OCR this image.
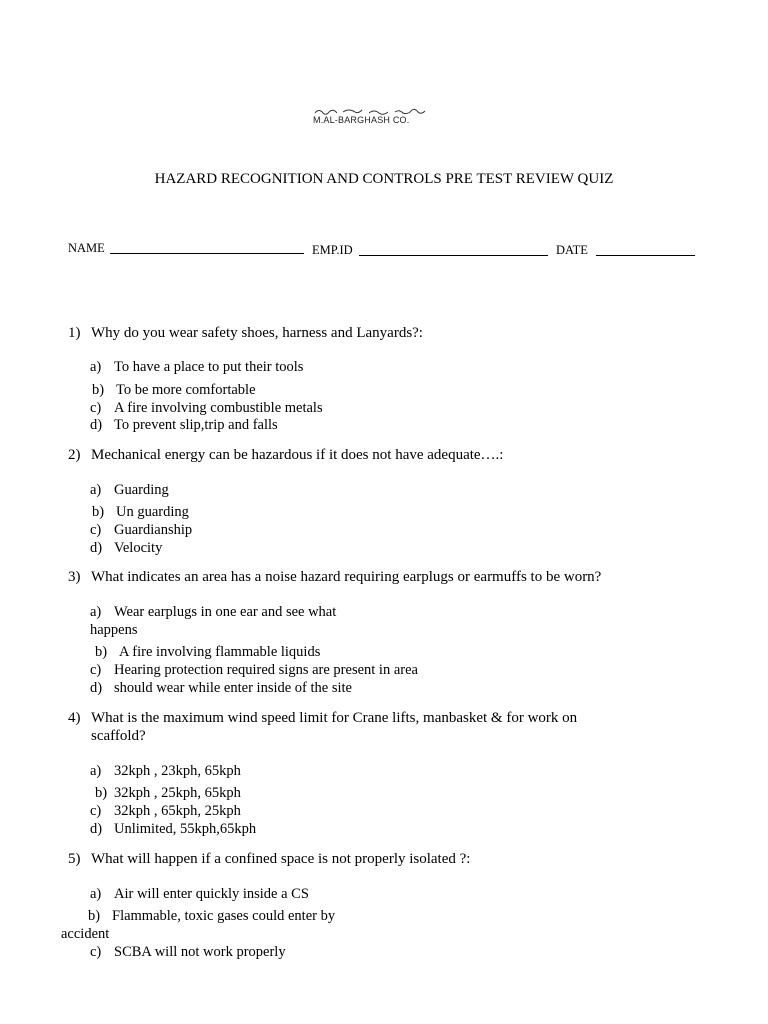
M.AL-BARGHASH CO.
HAZARD RECOGNITION AND CONTROLS PRE TEST REVIEW QUIZ
NAME	EMP.ID	DATE
1) Why do you wear safety shoes, harness and Lanyards?:
a) To have a place to put their tools
b) To be more comfortable
c) A fire involving combustible metals
d) To prevent slip,trip and falls
2) Mechanical energy can be hazardous if it does not have adequate….:
a) Guarding
b) Un guarding
c) Guardianship
d) Velocity
3) What indicates an area has a noise hazard requiring earplugs or earmuffs to be worn?
a) Wear earplugs in one ear and see what
happens
b) A fire involving flammable liquids
c) Hearing protection required signs are present in area
d) should wear while enter inside of the site
4) What is the maximum wind speed limit for Crane lifts, manbasket & for work on
scaffold?
a) 32kph , 23kph, 65kph
b) 32kph , 25kph, 65kph
c) 32kph , 65kph, 25kph
d) Unlimited, 55kph,65kph
5) What will happen if a confined space is not properly isolated ?:
a) Air will enter quickly inside a CS
b) Flammable, toxic gases could enter by
accident
c) SCBA will not work properly
